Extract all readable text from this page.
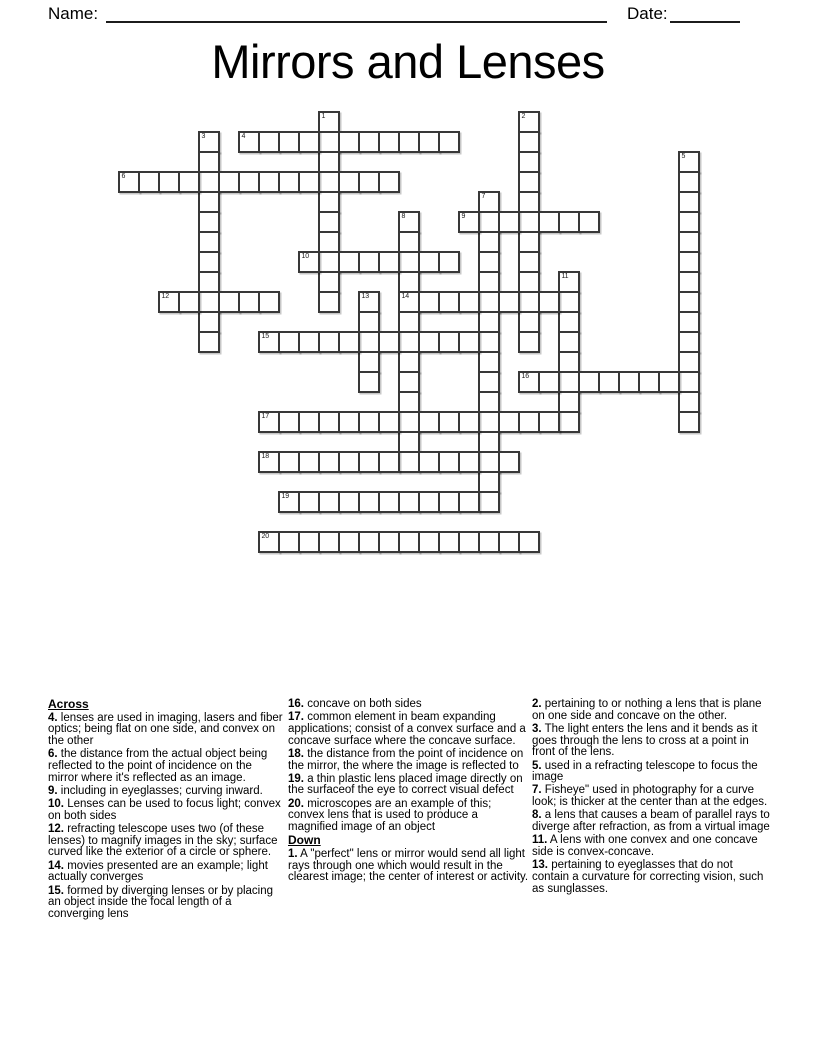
Name:	Date:
Mirrors and Lenses
1	2
3	4
5
6
7
8
14
9
10
11
12	13
15
16
17
18
19
20
Across

4. lenses are used in imaging, lasers and fiber optics; being flat on one side, and convex on the other

6. the distance from the actual object being reflected to the point of incidence on the mirror where it's reflected as an image.

9. including in eyeglasses; curving inward.

10. Lenses can be used to focus light; convex on both sides

12. refracting telescope uses two (of these lenses) to magnify images in the sky; surface curved like the exterior of a circle or sphere.

14. movies presented are an example; light actually converges

15. formed by diverging lenses or by placing an object inside the focal length of a converging lens

16. concave on both sides

17. common element in beam expanding applications; consist of a convex surface and a concave surface where the concave surface.

18. the distance from the point of incidence on the mirror, the where the image is reflected to

19. a thin plastic lens placed image directly on the surfaceof the eye to correct visual defect

20. microscopes are an example of this; convex lens that is used to produce a magnified image of an object

Down

1. A "perfect" lens or mirror would send all light rays through one which would result in the clearest image; the center of interest or activity.

2. pertaining to or nothing a lens that is plane on one side and concave on the other.

3. The light enters the lens and it bends as it goes through the lens to cross at a point in front of the lens.

5. used in a refracting telescope to focus the image

7. Fisheye" used in photography for a curve look; is thicker at the center than at the edges.

8. a lens that causes a beam of parallel rays to diverge after refraction, as from a virtual image

11. A lens with one convex and one concave side is convex-concave.

13. pertaining to eyeglasses that do not contain a curvature for correcting vision, such as sunglasses.
